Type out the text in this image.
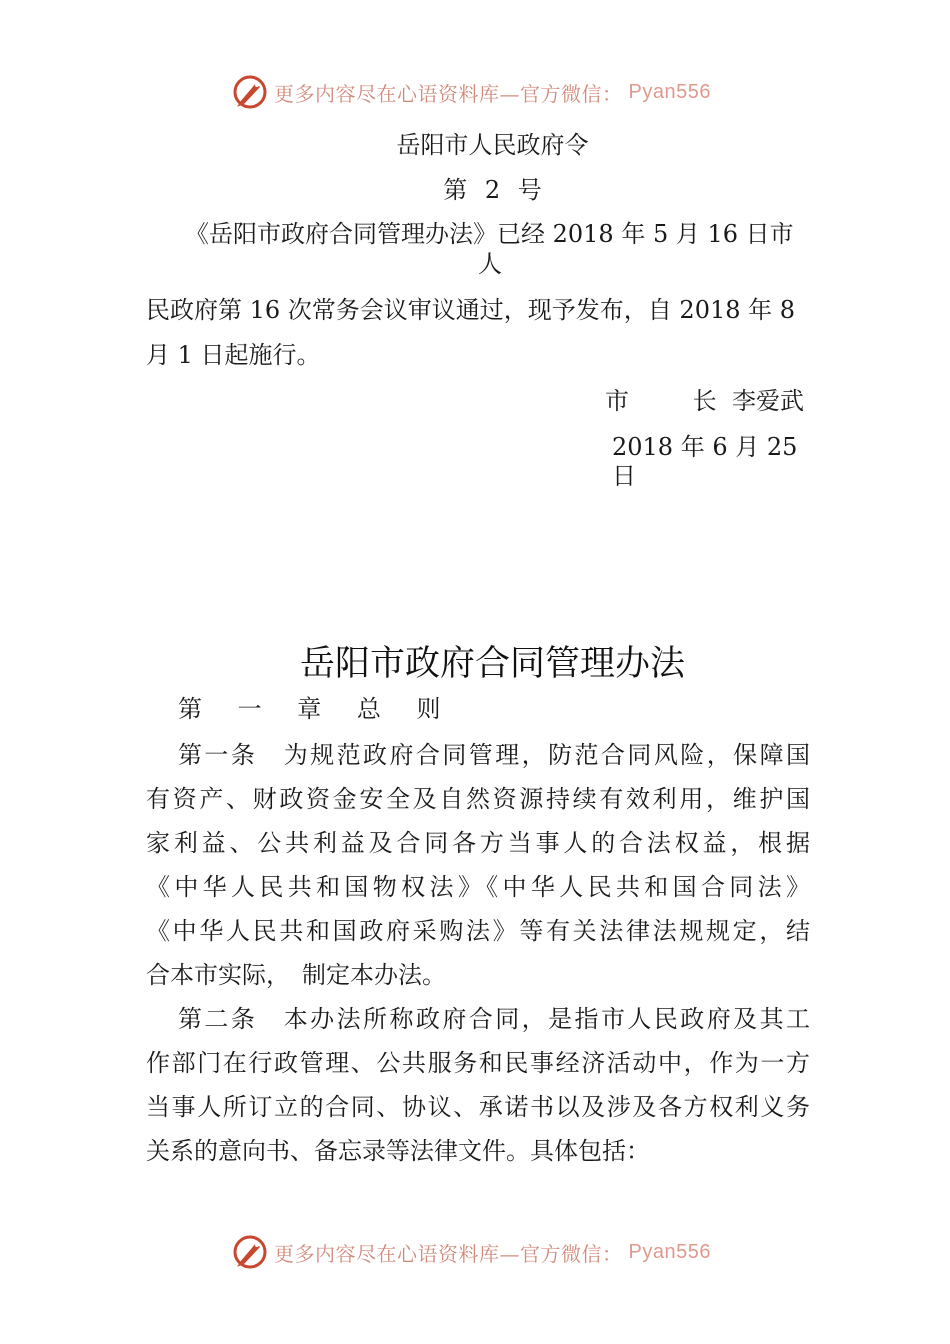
更多内容尽在心语资料库—官方微信： Pyan556
岳阳市人民政府令
第 2 号
《岳阳市政府合同管理办法》已经 2018 年 5 月 16 日市
人
民政府第 16 次常务会议审议通过，现予发布，自 2018 年 8
月 1 日起施行。
市 长
李爱武
2018 年 6 月 25
日
岳阳市政府合同管理办法
第 一 章 总 则
第一条　为规范政府合同管理，防范合同风险，保障国
有资产、财政资金安全及自然资源持续有效利用，维护国
家利益、公共利益及合同各方当事人的合法权益，根据
《中华人民共和国物权法》《中华人民共和国合同法》
《中华人民共和国政府采购法》等有关法律法规规定，结
合本市实际，　制定本办法。
第二条　本办法所称政府合同，是指市人民政府及其工
作部门在行政管理、公共服务和民事经济活动中，作为一方
当事人所订立的合同、协议、承诺书以及涉及各方权利义务
关系的意向书、备忘录等法律文件。具体包括：
更多内容尽在心语资料库—官方微信： Pyan556
